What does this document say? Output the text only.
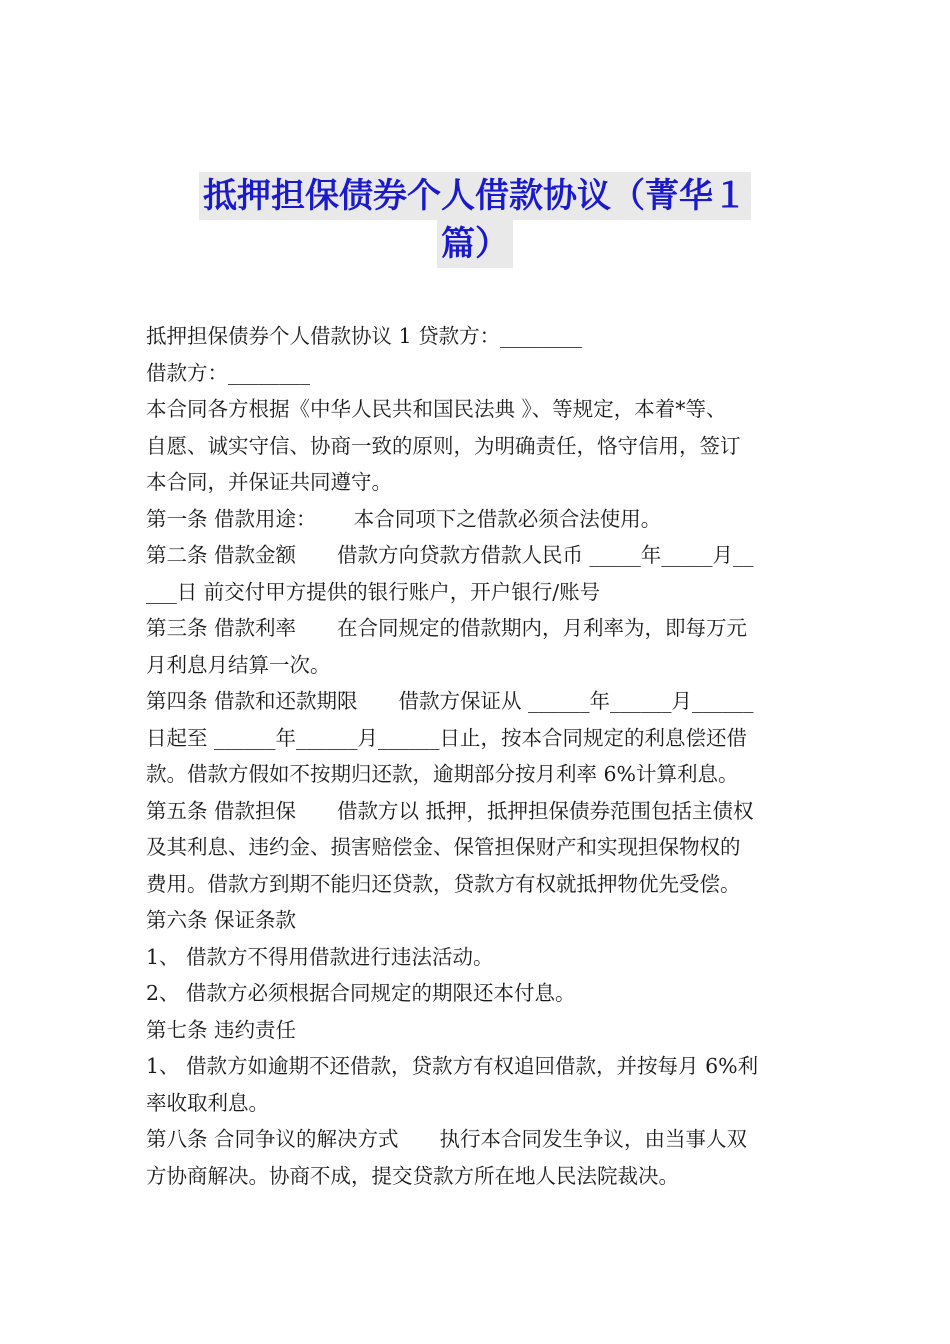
抵押担保债券个人借款协议（菁华１
篇）
抵押担保债券个人借款协议 1 贷款方：________
借款方：________
本合同各方根据《中华人民共和国民法典 》、等规定，本着*等、
自愿、诚实守信、协商一致的原则，为明确责任，恪守信用，签订
本合同，并保证共同遵守。
第一条 借款用途：　　 本合同项下之借款必须合法使用。
第二条 借款金额　　借款方向贷款方借款人民币 _____年_____月__
___日 前交付甲方提供的银行账户，开户银行/账号
第三条 借款利率　　在合同规定的借款期内，月利率为，即每万元
月利息月结算一次。
第四条 借款和还款期限　　借款方保证从 ______年______月______
日起至 ______年______月______日止，按本合同规定的利息偿还借
款。借款方假如不按期归还款，逾期部分按月利率 6%计算利息。
第五条 借款担保　　借款方以 抵押，抵押担保债券范围包括主债权
及其利息、违约金、损害赔偿金、保管担保财产和实现担保物权的
费用。借款方到期不能归还贷款，贷款方有权就抵押物优先受偿。
第六条 保证条款
1、 借款方不得用借款进行违法活动。
2、 借款方必须根据合同规定的期限还本付息。
第七条 违约责任
1、 借款方如逾期不还借款，贷款方有权追回借款，并按每月 6%利
率收取利息。
第八条 合同争议的解决方式　　执行本合同发生争议，由当事人双
方协商解决。协商不成，提交贷款方所在地人民法院裁决。
